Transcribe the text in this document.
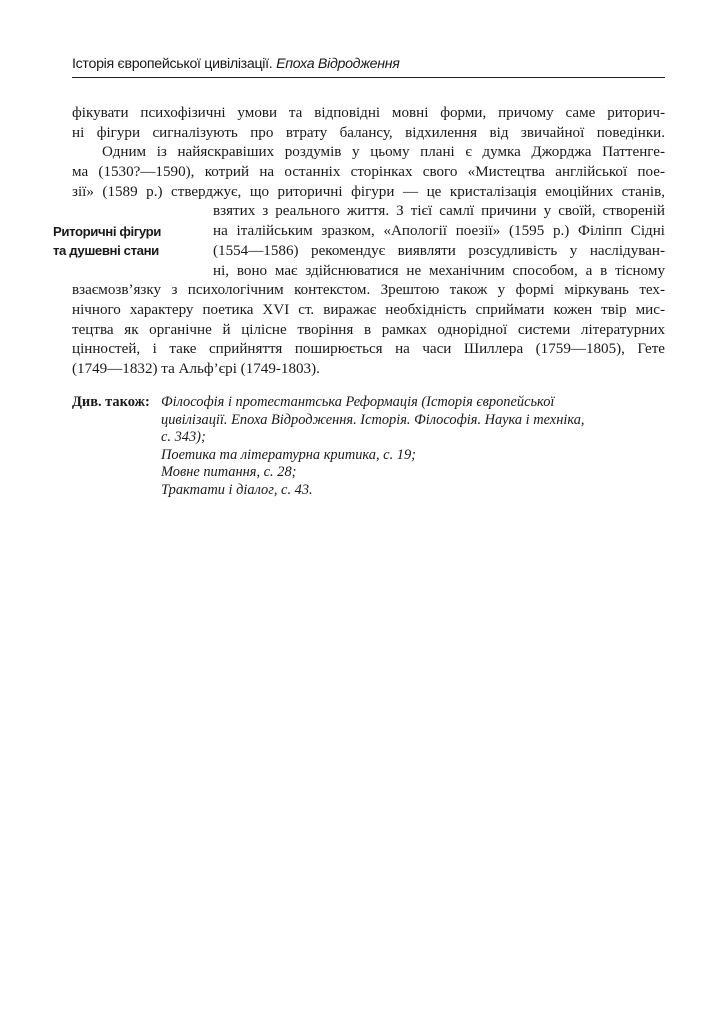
Історія європейської цивілізації. Епоха Відродження
Риторичні фігури
та душевні стани
фікувати психофізичні умови та відповідні мовні форми, причому саме риторич-
ні фігури сигналізують про втрату балансу, відхилення від звичайної поведінки.
Одним із найяскравіших роздумів у цьому плані є думка Джорджа Паттенге-
ма (1530?—1590), котрий на останніх сторінках свого «Мистецтва англійської пое-
зії» (1589 р.) стверджує, що риторичні фігури — це кристалізація емоційних станів,
взятих з реального життя. З тієї самлї причини у своїй, створеній
на італійським зразком, «Апології поезії» (1595 р.) Філіпп Сідні
(1554—1586) рекомендує виявляти розсудливість у наслідуван-
ні, воно має здійснюватися не механічним способом, а в тісному
взаємозв’язку з психологічним контекстом. Зрештою також у формі міркувань тех-
нічного характеру поетика XVI ст. виражає необхідність сприймати кожен твір мис-
тецтва як органічне й цілісне творіння в рамках однорідної системи літературних
цінностей, і таке сприйняття поширюється на часи Шиллера (1759—1805), Гете
(1749—1832) та Альф’єрі (1749-1803).
Див. також: Філософія і протестантська Реформація (Історія європейської
цивілізації. Епоха Відродження. Історія. Філософія. Наука і техніка,
с. 343);
Поетика та літературна критика, с. 19;
Мовне питання, с. 28;
Трактати і діалог, с. 43.
